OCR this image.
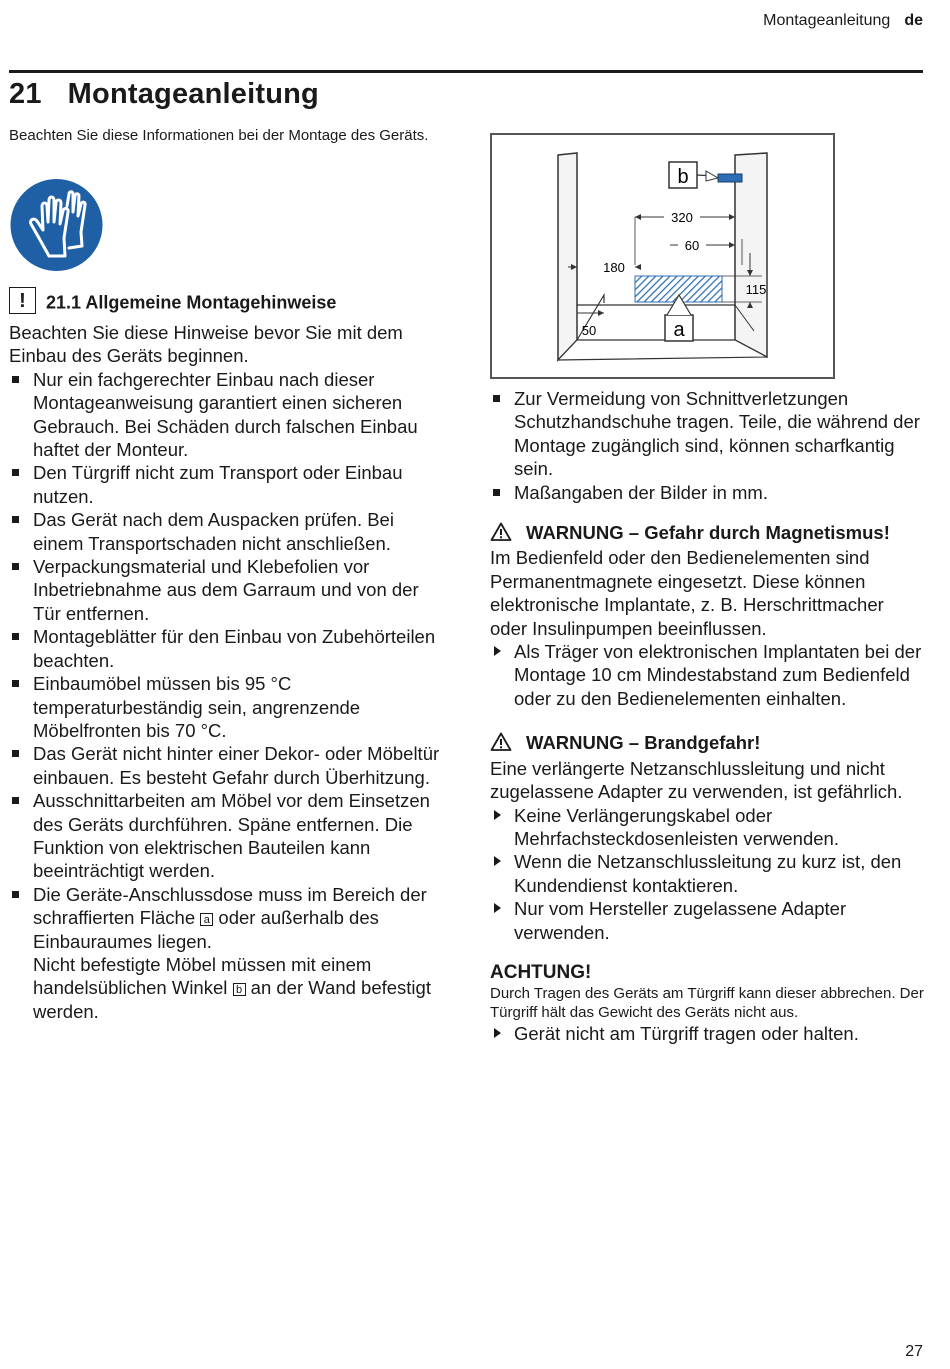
Montageanleitung de
21 Montageanleitung
Beachten Sie diese Informationen bei der Montage des Geräts.
! 21.1 Allgemeine Montagehinweise

Beachten Sie diese Hinweise bevor Sie mit dem Einbau des Geräts beginnen.

Nur ein fachgerechter Einbau nach dieser Montageanweisung garantiert einen sicheren Gebrauch. Bei Schäden durch falschen Einbau haftet der Monteur.
Den Türgriff nicht zum Transport oder Einbau nutzen.
Das Gerät nach dem Auspacken prüfen. Bei einem Transportschaden nicht anschließen.
Verpackungsmaterial und Klebefolien vor Inbetriebnahme aus dem Garraum und von der Tür entfernen.
Montageblätter für den Einbau von Zubehörteilen beachten.
Einbaumöbel müssen bis 95 °C temperaturbeständig sein, angrenzende Möbelfronten bis 70 °C.
Das Gerät nicht hinter einer Dekor- oder Möbeltür einbauen. Es besteht Gefahr durch Überhitzung.
Ausschnittarbeiten am Möbel vor dem Einsetzen des Geräts durchführen. Späne entfernen. Die Funktion von elektrischen Bauteilen kann beeinträchtigt werden.
Die Geräte-Anschlussdose muss im Bereich der schraffierten Fläche a oder außerhalb des Einbauraumes liegen.
Nicht befestigte Möbel müssen mit einem handelsüblichen Winkel b an der Wand befestigt werden.
b
a
320
60
180
115
50
Zur Vermeidung von Schnittverletzungen Schutzhandschuhe tragen. Teile, die während der Montage zugänglich sind, können scharfkantig sein.
Maßangaben der Bilder in mm.

WARNUNG – Gefahr durch Magnetismus!

Im Bedienfeld oder den Bedienelementen sind Permanentmagnete eingesetzt. Diese können elektronische Implantate, z. B. Herschrittmacher oder Insulinpumpen beeinflussen.

Als Träger von elektronischen Implantaten bei der Montage 10 cm Mindestabstand zum Bedienfeld oder zu den Bedienelementen einhalten.

WARNUNG – Brandgefahr!

Eine verlängerte Netzanschlussleitung und nicht zugelassene Adapter zu verwenden, ist gefährlich.

Keine Verlängerungskabel oder Mehrfachsteckdosenleisten verwenden.
Wenn die Netzanschlussleitung zu kurz ist, den Kundendienst kontaktieren.
Nur vom Hersteller zugelassene Adapter verwenden.

ACHTUNG!

Durch Tragen des Geräts am Türgriff kann dieser abbrechen. Der Türgriff hält das Gewicht des Geräts nicht aus.

Gerät nicht am Türgriff tragen oder halten.
27
